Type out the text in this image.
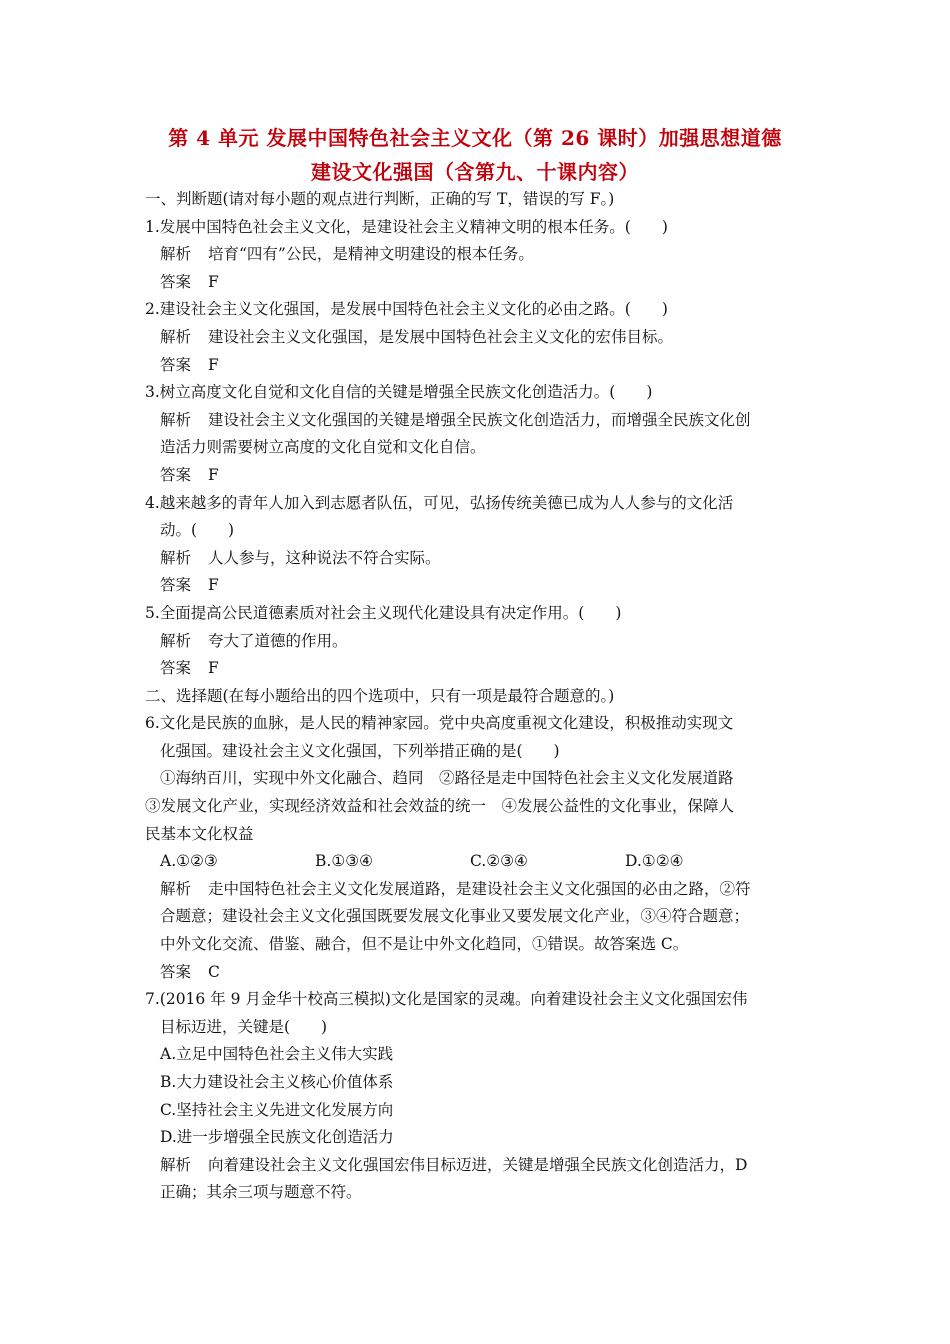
第 4 单元 发展中国特色社会主义文化（第 26 课时）加强思想道德
建设文化强国（含第九、十课内容）
一、判断题(请对每小题的观点进行判断，正确的写 T，错误的写 F。)
1.发展中国特色社会主义文化，是建设社会主义精神文明的根本任务。(　　)
解析 培育“四有”公民，是精神文明建设的根本任务。
答案 F
2.建设社会主义文化强国，是发展中国特色社会主义文化的必由之路。(　　)
解析 建设社会主义文化强国，是发展中国特色社会主义文化的宏伟目标。
答案 F
3.树立高度文化自觉和文化自信的关键是增强全民族文化创造活力。(　　)
解析 建设社会主义文化强国的关键是增强全民族文化创造活力，而增强全民族文化创
造活力则需要树立高度的文化自觉和文化自信。
答案 F
4.越来越多的青年人加入到志愿者队伍，可见，弘扬传统美德已成为人人参与的文化活
动。(　　)
解析 人人参与，这种说法不符合实际。
答案 F
5.全面提高公民道德素质对社会主义现代化建设具有决定作用。(　　)
解析 夸大了道德的作用。
答案 F
二、选择题(在每小题给出的四个选项中，只有一项是最符合题意的。)
6.文化是民族的血脉，是人民的精神家园。党中央高度重视文化建设，积极推动实现文
化强国。建设社会主义文化强国，下列举措正确的是(　　)
①海纳百川，实现中外文化融合、趋同　②路径是走中国特色社会主义文化发展道路
③发展文化产业，实现经济效益和社会效益的统一　④发展公益性的文化事业，保障人
民基本文化权益
A.①②③	B.①③④	C.②③④	D.①②④
解析 走中国特色社会主义文化发展道路，是建设社会主义文化强国的必由之路，②符
合题意；建设社会主义文化强国既要发展文化事业又要发展文化产业，③④符合题意；
中外文化交流、借鉴、融合，但不是让中外文化趋同，①错误。故答案选 C。
答案 C
7.(2016 年 9 月金华十校高三模拟)文化是国家的灵魂。向着建设社会主义文化强国宏伟
目标迈进，关键是(　　)
A.立足中国特色社会主义伟大实践
B.大力建设社会主义核心价值体系
C.坚持社会主义先进文化发展方向
D.进一步增强全民族文化创造活力
解析 向着建设社会主义文化强国宏伟目标迈进，关键是增强全民族文化创造活力，D
正确；其余三项与题意不符。
